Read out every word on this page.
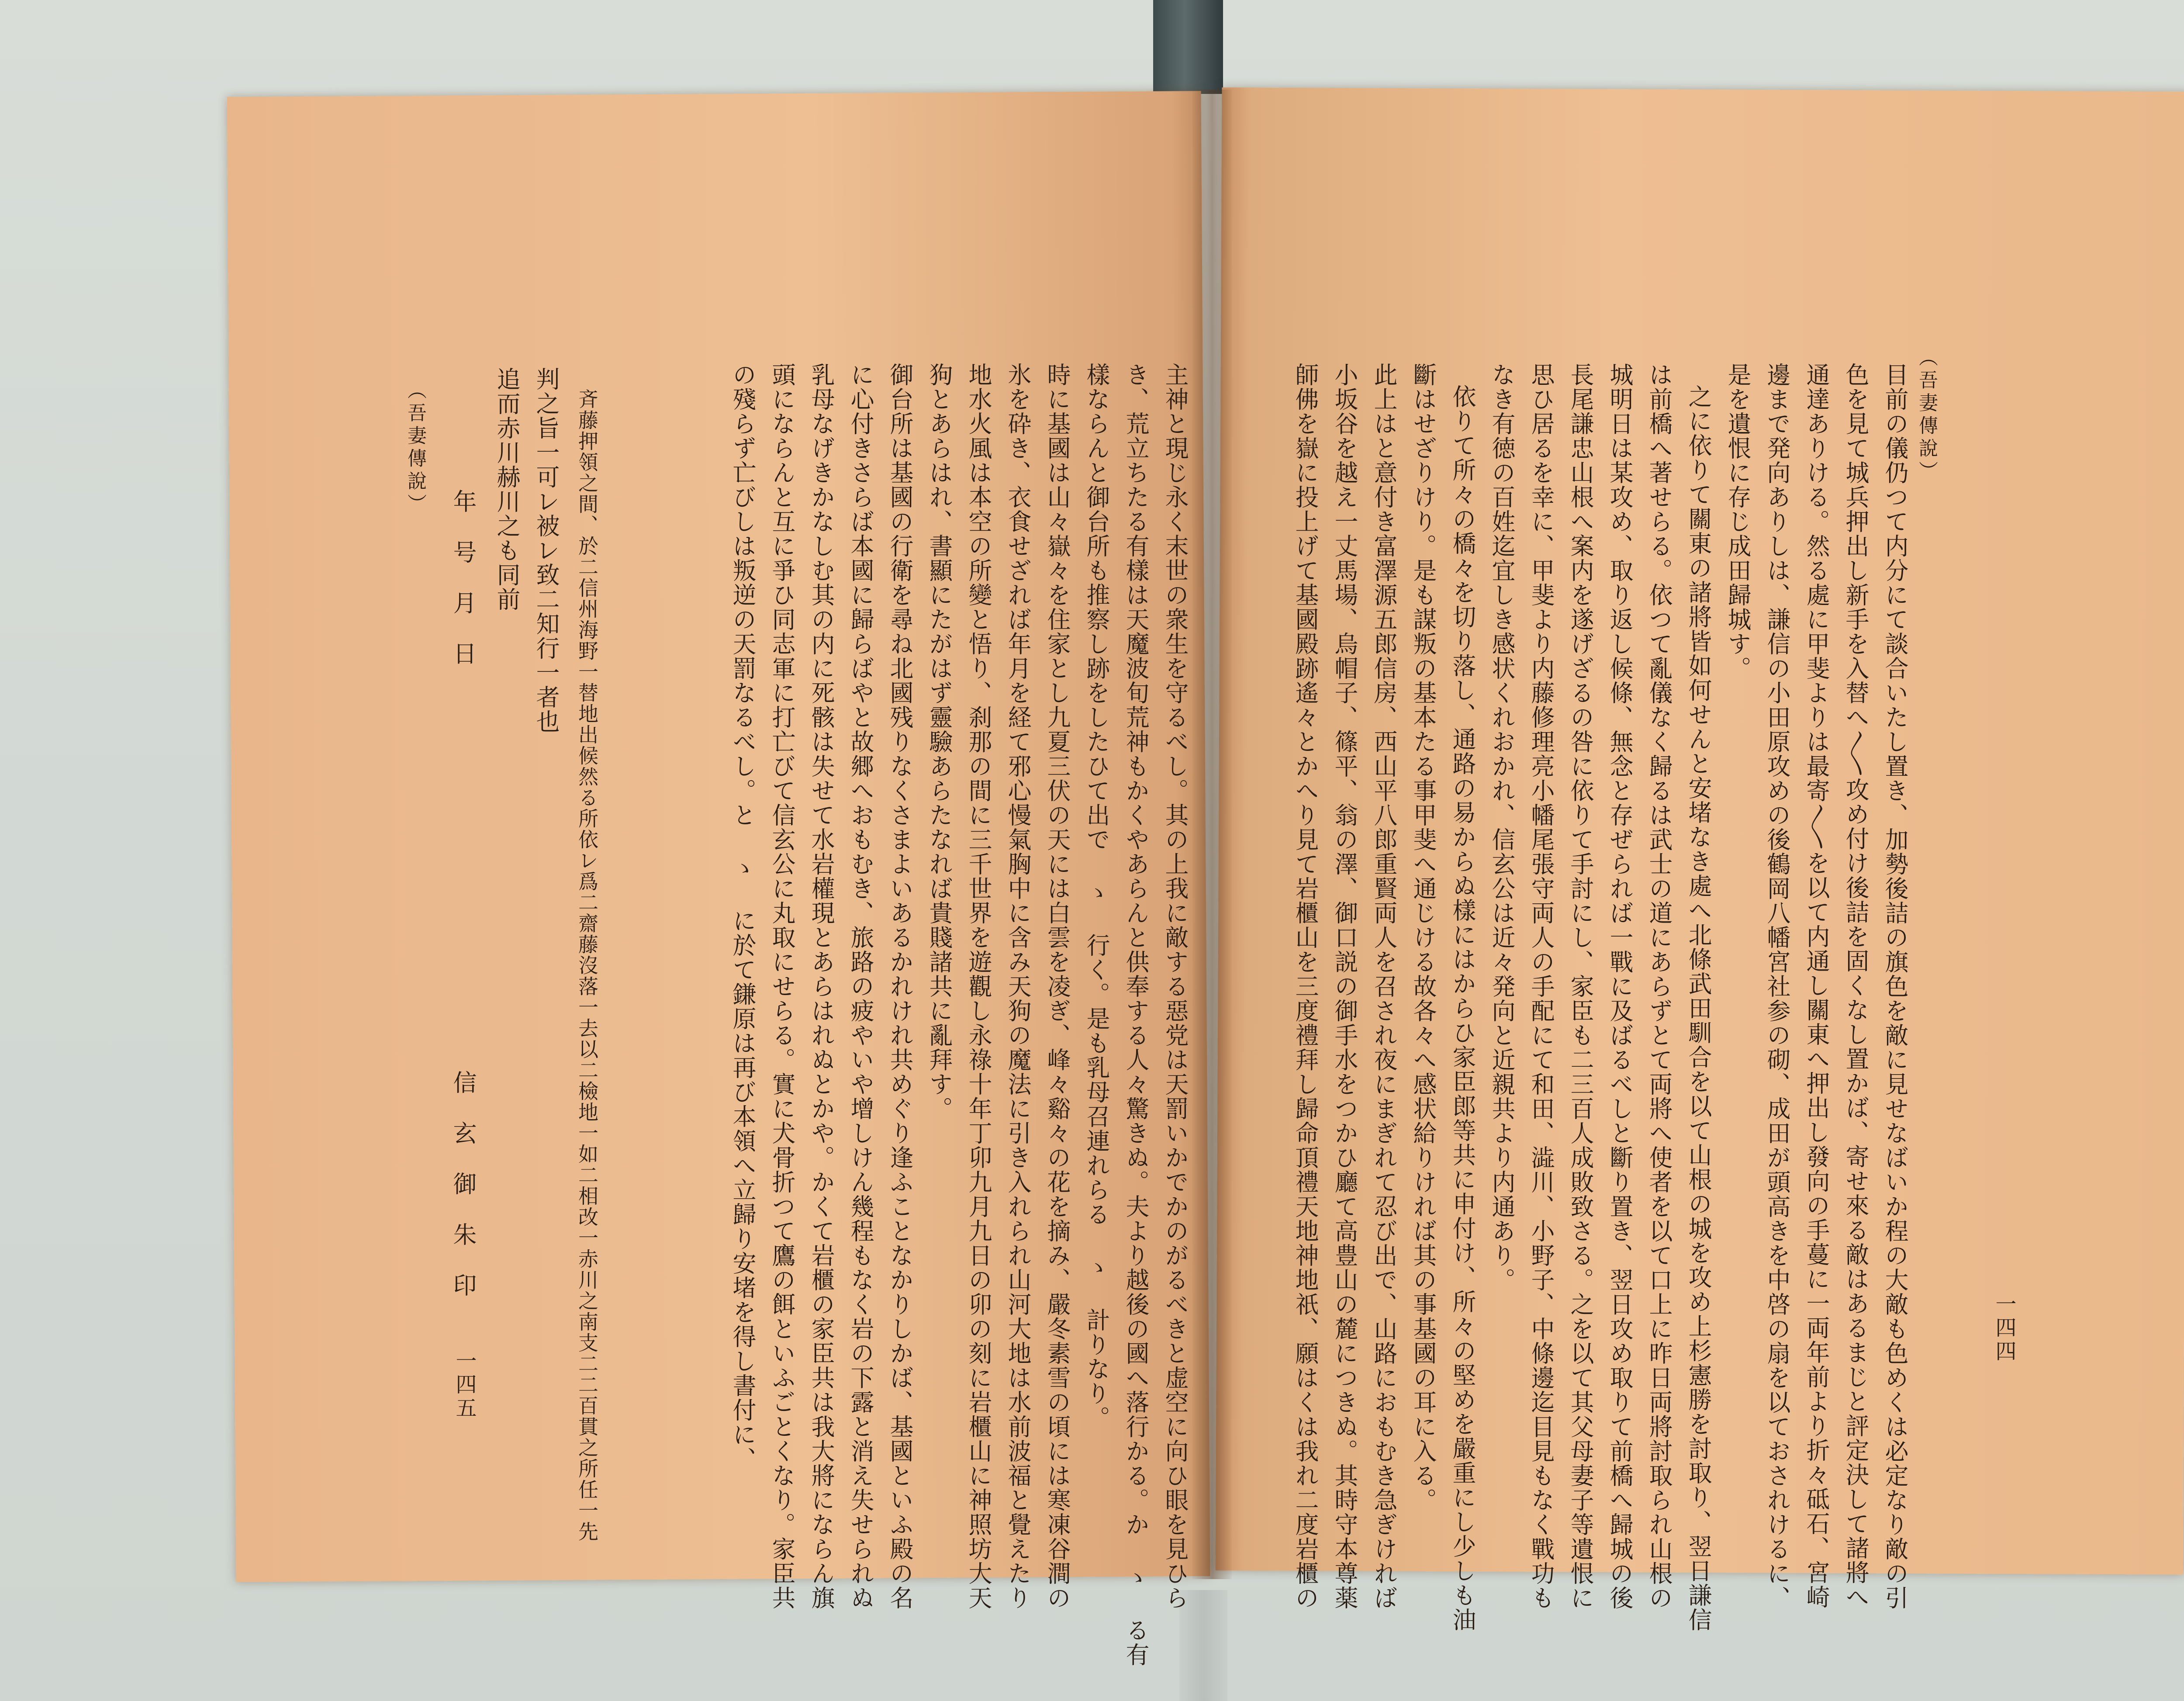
（吾妻傳說）
目前の儀仍つて内分にて談合いたし置き、加勢後詰の旗色を敵に見せなばいか程の大敵も色めくは必定なり敵の引
色を見て城兵押出し新手を入替へ〳〵攻め付け後詰を固くなし置かば、寄せ來る敵はあるまじと評定決して諸將へ
通達ありける。然る處に甲斐よりは最寄〳〵を以て内通し關東へ押出し發向の手蔓に一両年前より折々砥石、宮崎
邊まで発向ありしは、謙信の小田原攻めの後鶴岡八幡宮社参の砌、成田が頭高きを中啓の扇を以ておされけるに、
是を遺恨に存じ成田歸城す。
之に依りて關東の諸將皆如何せんと安堵なき處へ北條武田馴合を以て山根の城を攻め上杉憲勝を討取り、翌日謙信
は前橋へ著せらる。依つて亂儀なく歸るは武士の道にあらずとて両將へ使者を以て口上に昨日両將討取られ山根の
城明日は某攻め、取り返し候條、無念と存ぜられば一戰に及ばるべしと斷り置き、翌日攻め取りて前橋へ歸城の後
長尾謙忠山根へ案内を遂げざるの咎に依りて手討にし、家臣も二三百人成敗致さる。之を以て其父母妻子等遺恨に
思ひ居るを幸に、甲斐より内藤修理亮小幡尾張守両人の手配にて和田、澁川、小野子、中條邊迄目見もなく戰功も
なき有徳の百姓迄宜しき感状くれおかれ、信玄公は近々発向と近親共より内通あり。
依りて所々の橋々を切り落し、通路の易からぬ樣にはからひ家臣郎等共に申付け、所々の堅めを嚴重にし少しも油
斷はせざりけり。是も謀叛の基本たる事甲斐へ通じける故各々へ感状給りければ其の事基國の耳に入る。
此上はと意付き富澤源五郎信房、西山平八郎重賢両人を召され夜にまぎれて忍び出で、山路におもむき急ぎければ
小坂谷を越え一丈馬場、烏帽子、篠平、翁の澤、御口説の御手水をつかひ廳て高豊山の麓につきぬ。其時守本尊薬
師佛を嶽に投上げて基國殿跡遙々とかへり見て岩櫃山を三度禮拜し歸命頂禮天地神地祇、願はくは我れ二度岩櫃の	一四四
主神と現じ永く末世の衆生を守るべし。其の上我に敵する惡党は天罰いかでかのがるべきと虚空に向ひ眼を見ひら
き、荒立ちたる有樣は天魔波旬荒神もかくやあらんと供奉する人々驚きぬ。夫より越後の國へ落行かる。か ゝ る有
樣ならんと御台所も推察し跡をしたひて出で ゝ 行く。是も乳母召連れらる ゝ 計りなり。
時に基國は山々嶽々を住家とし九夏三伏の天には白雲を凌ぎ、峰々谿々の花を摘み、嚴冬素雪の頃には寒凍谷澗の
氷を砕き、衣食せざれば年月を経て邪心慢氣胸中に含み天狗の魔法に引き入れられ山河大地は水前波福と覺えたり
地水火風は本空の所變と悟り、刹那の間に三千世界を遊觀し永祿十年丁卯九月九日の卯の刻に岩櫃山に神照坊大天
狗とあらはれ、書顯にたがはず靈驗あらたなれば貴賤諸共に亂拜す。
御台所は基國の行衛を尋ね北國残りなくさまよいあるかれけれ共めぐり逢ふことなかりしかば、基國といふ殿の名
に心付きさらば本國に歸らばやと故郷へおもむき、旅路の疲やいや增しけん幾程もなく岩の下露と消え失せられぬ
乳母なげきかなしむ其の内に死骸は失せて水岩權現とあらはれぬとかや。かくて岩櫃の家臣共は我大將にならん旗
頭にならんと互に爭ひ同志軍に打亡びて信玄公に丸取にせらる。實に犬骨折つて鷹の餌といふごとくなり。家臣共
の殘らず亡びしは叛逆の天罰なるべし。と ゝ に於て鎌原は再び本領へ立歸り安堵を得し書付に、
斉藤押領之間、於二信州海野一替地出候然る所依レ爲二齋藤沒落一去以二檢地一如二相改一赤川之南支二二百貫之所任一先
判之旨一可レ被レ致二知行一者也
追而赤川赫川之も同前
年号月日
（吾妻傳說）
信玄御朱印
一四五
